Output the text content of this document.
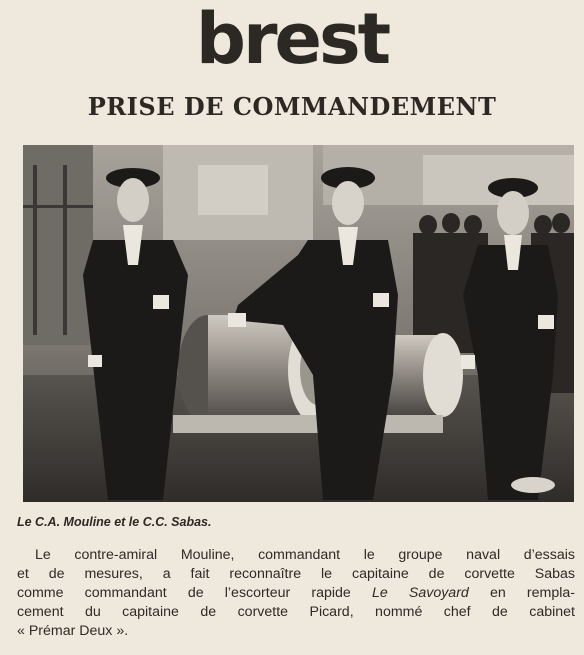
brest
PRISE DE COMMANDEMENT
Le C.A. Mouline et le C.C. Sabas.
Le contre-amiral Mouline, commandant le groupe naval d’essais
et de mesures, a fait reconnaître le capitaine de corvette Sabas
comme commandant de l’escorteur rapide Le Savoyard en rempla-
cement du capitaine de corvette Picard, nommé chef de cabinet
« Prémar Deux ».
